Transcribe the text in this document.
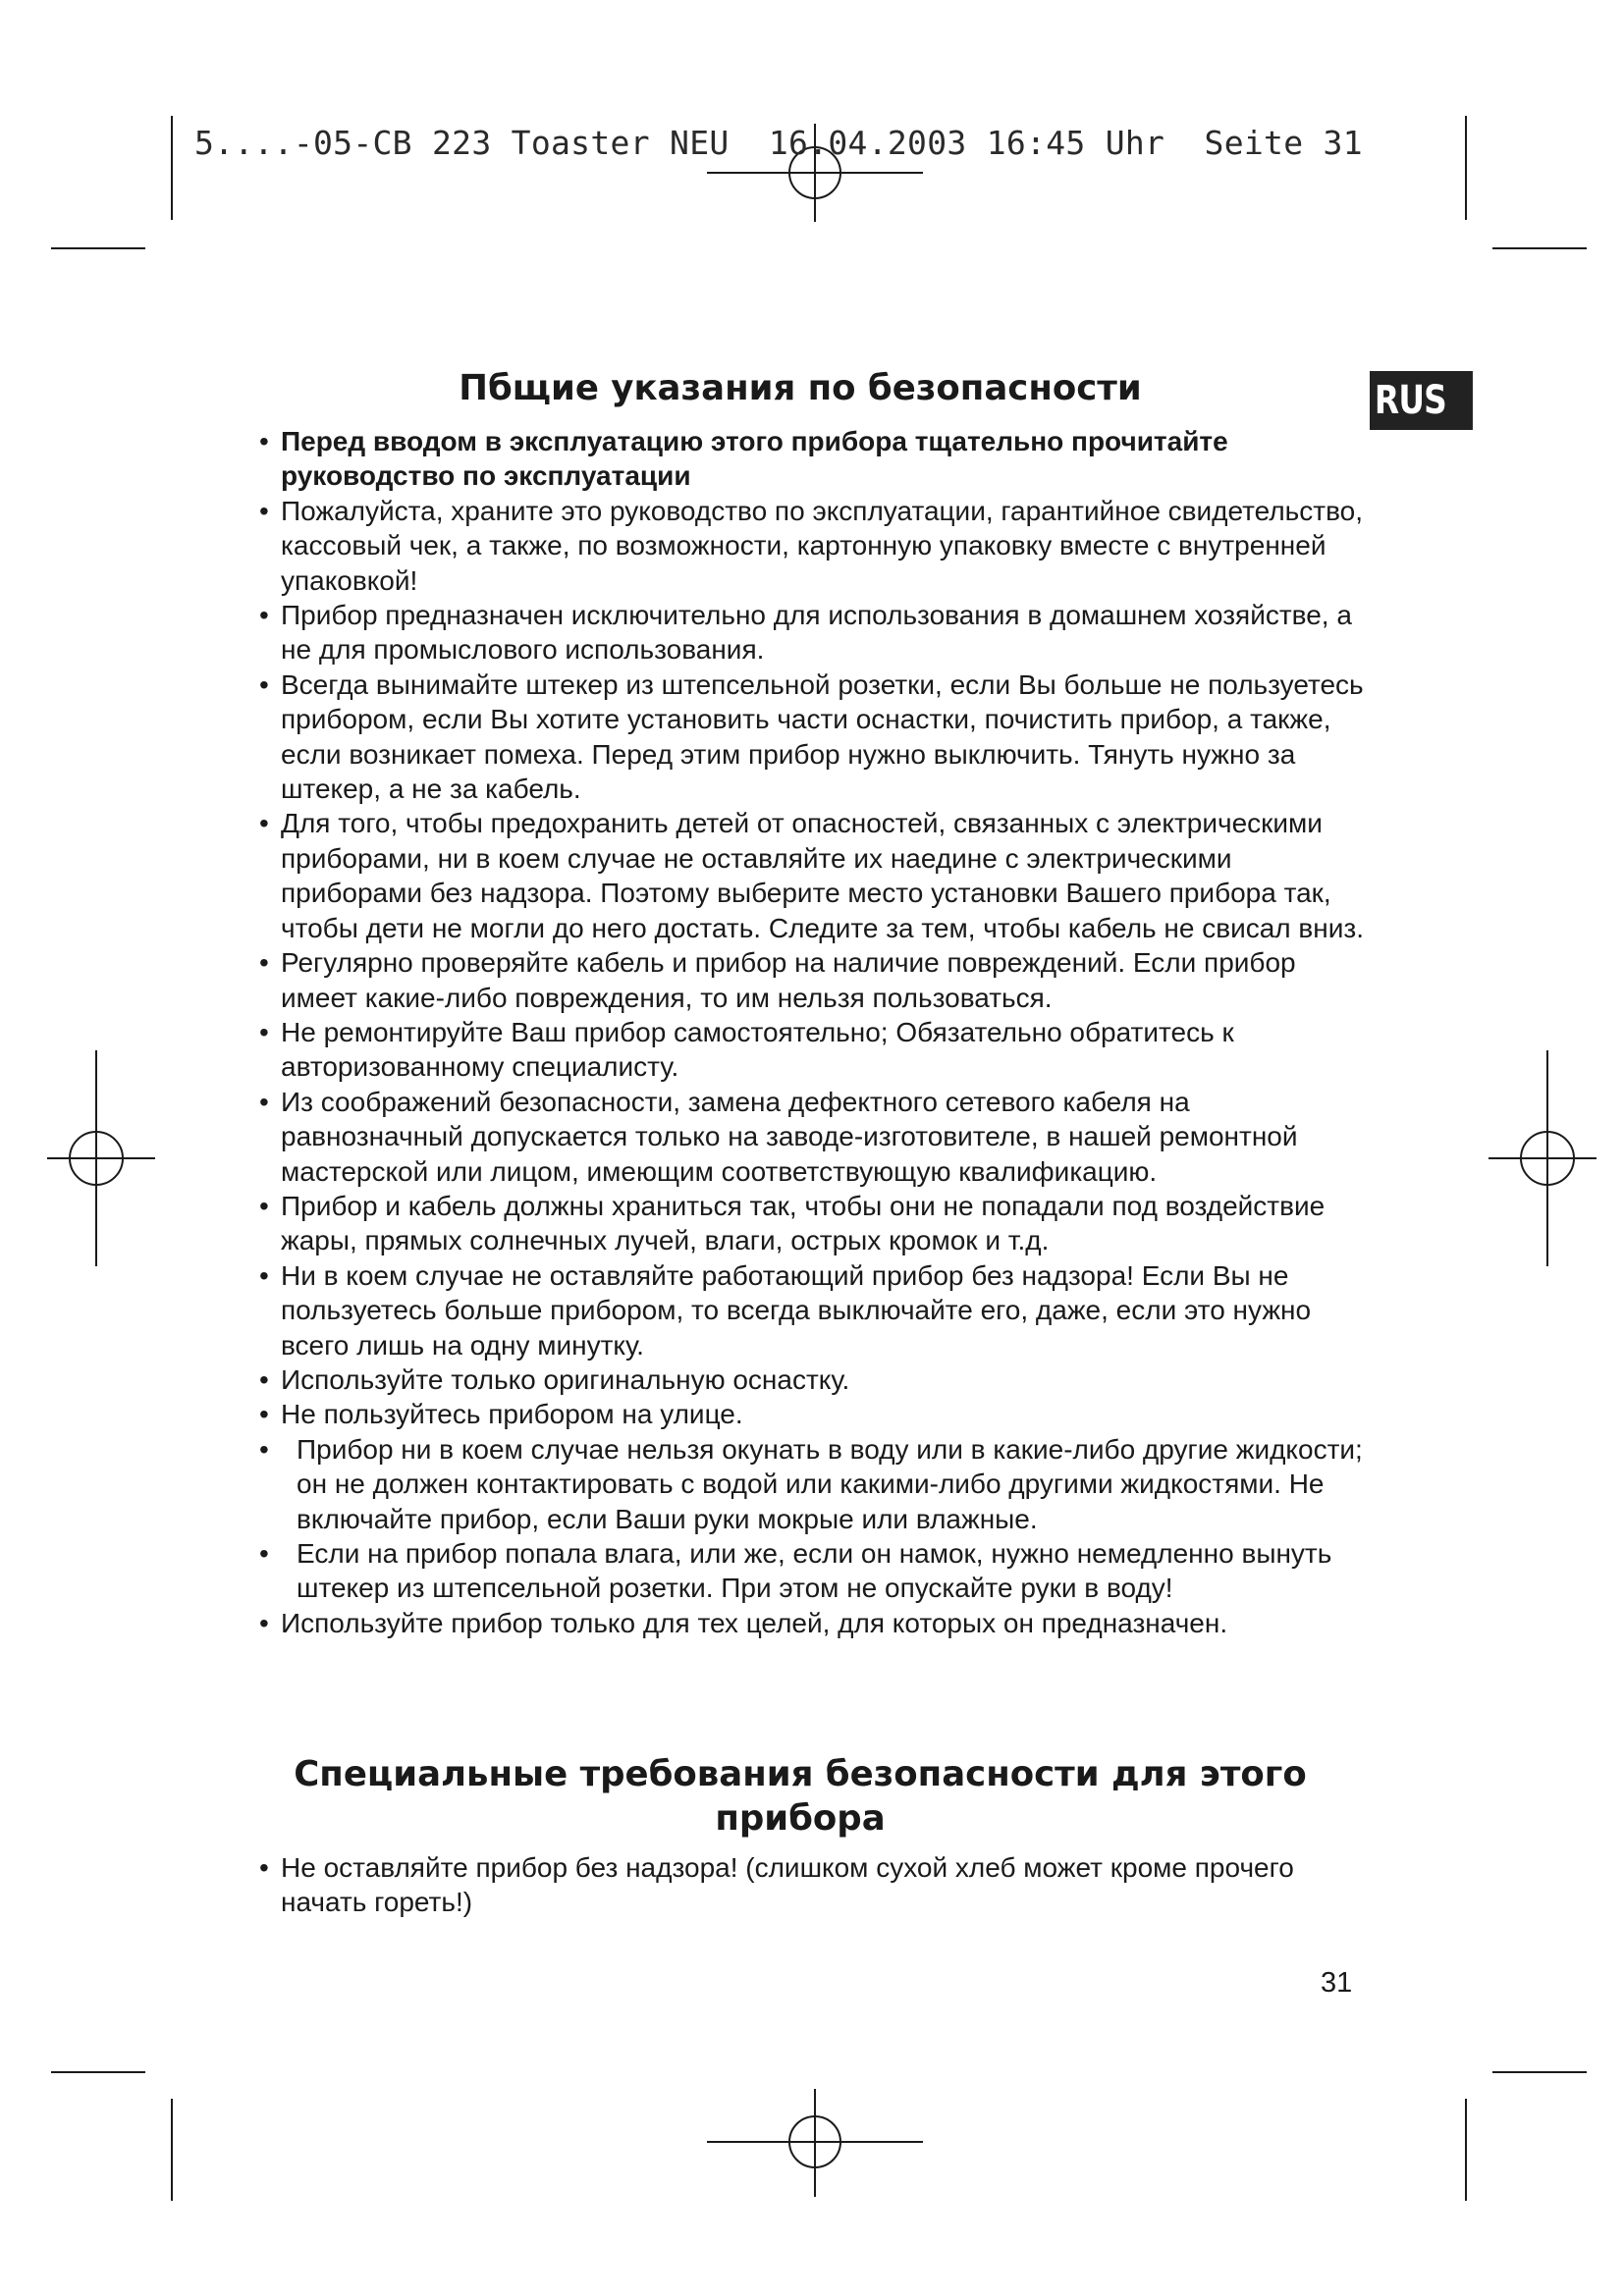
5....-05-CB 223 Toaster NEU  16.04.2003 16:45 Uhr  Seite 31
RUS
Пбщие указания по безопасности
• Перед вводом в эксплуатацию этого прибора тщательно прочитайте руководство по эксплуатации
• Пожалуйста, храните это руководство по эксплуатации, гарантийное свидетельство, кассовый чек, а также, по возможности, картонную упаковку вместе с внутренней упаковкой!
• Прибор предназначен исключительно для использования в домашнем хозяйстве, а не для промыслового использования.
• Всегда вынимайте штекер из штепсельной розетки, если Вы больше не пользуетесь прибором, если Вы хотите установить части оснастки, почистить прибор, а также, если возникает помеха. Перед этим прибор нужно выключить. Тянуть нужно за штекер, а не за кабель.
• Для того, чтобы предохранить детей от опасностей, связанных с электрическими приборами, ни в коем случае не оставляйте их наедине с электрическими приборами без надзора. Поэтому выберите место установки Вашего прибора так, чтобы дети не могли до него достать. Следите за тем, чтобы кабель не свисал вниз.
• Регулярно проверяйте кабель и прибор на наличие повреждений. Если прибор имеет какие-либо повреждения, то им нельзя пользоваться.
• Не ремонтируйте Ваш прибор самостоятельно; Обязательно обратитесь к авторизованному специалисту.
• Из соображений безопасности, замена дефектного сетевого кабеля на равнозначный допускается только на заводе-изготовителе, в нашей ремонтной мастерской или лицом, имеющим соответствующую квалификацию.
• Прибор и кабель должны храниться так, чтобы они не попадали под воздействие жары, прямых солнечных лучей, влаги, острых кромок и т.д.
• Ни в коем случае не оставляйте работающий прибор без надзора! Если Вы не пользуетесь больше прибором, то всегда выключайте его, даже, если это нужно всего лишь на одну минутку.
• Используйте только оригинальную оснастку.
• Не пользуйтесь прибором на улице.
• Прибор ни в коем случае нельзя окунать в воду или в какие-либо другие жидкости; он не должен контактировать с водой или какими-либо другими жидкостями. Не включайте прибор, если Ваши руки мокрые или влажные.
• Если на прибор попала влага, или же, если он намок, нужно немедленно вынуть штекер из штепсельной розетки. При этом не опускайте руки в воду!
• Используйте прибор только для тех целей, для которых он предназначен.
Специальные требования безопасности для этого прибора
• Не оставляйте прибор без надзора! (слишком сухой хлеб может кроме прочего начать гореть!)
31
